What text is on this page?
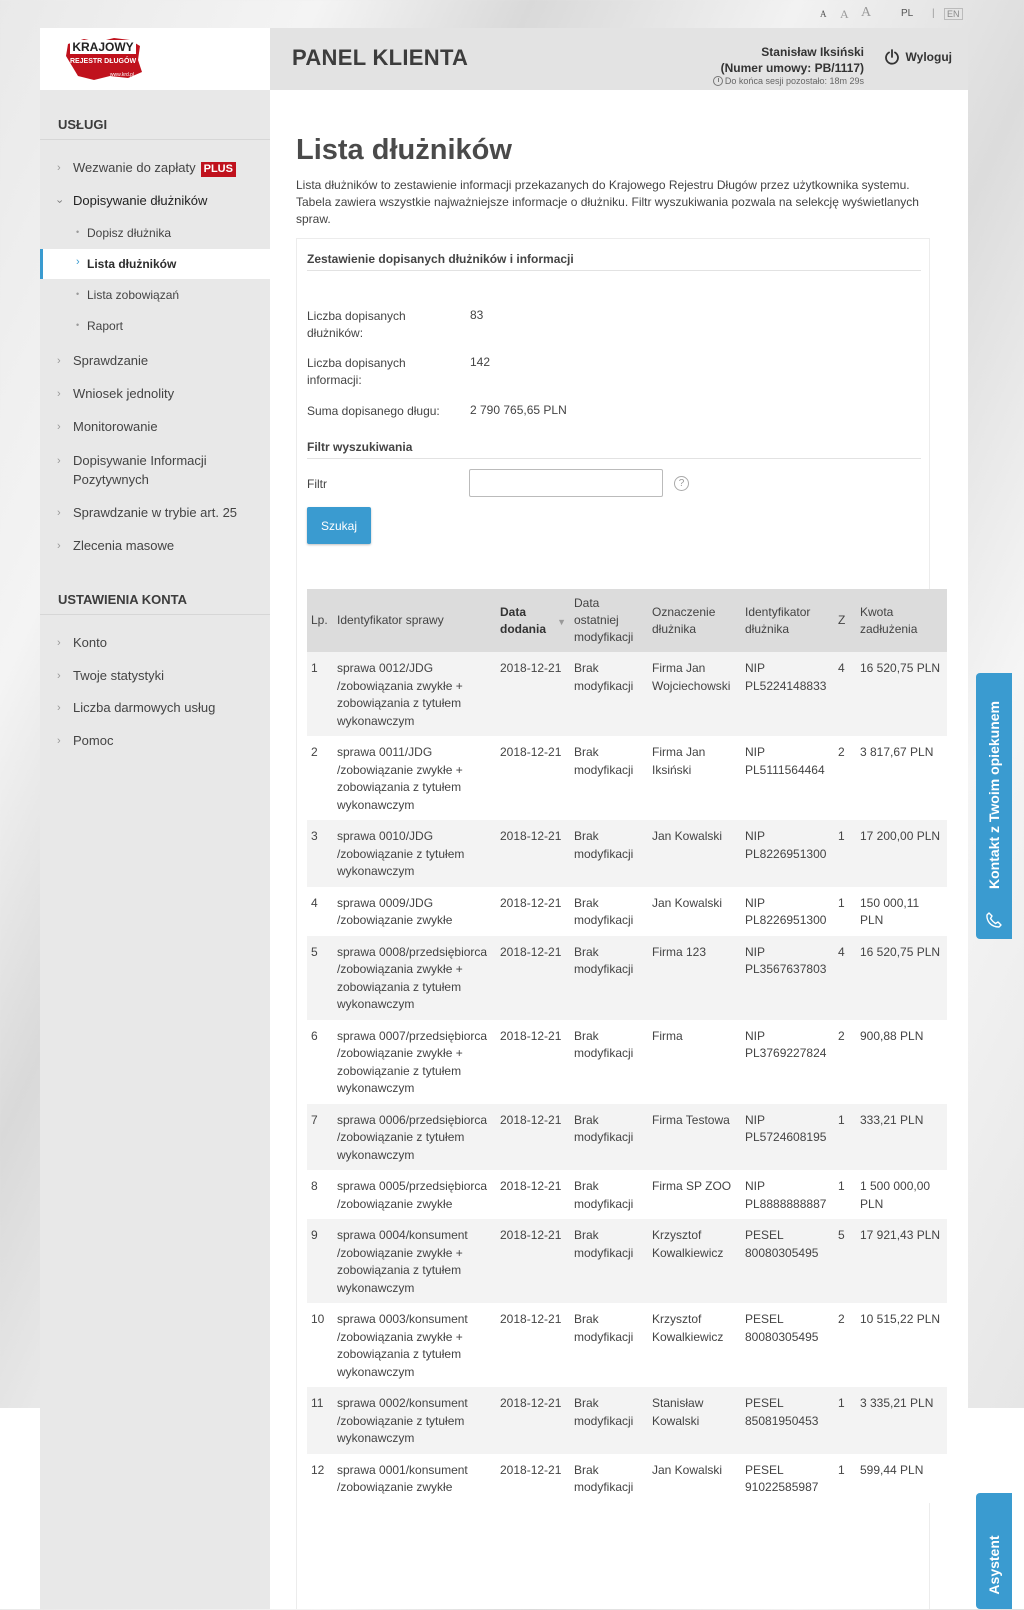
A A A	PL |	EN
KRAJOWY
REJESTR DŁUGÓW
www.krd.pl
PANEL KLIENTA	Stanisław Iksiński
(Numer umowy: PB/1117)
Do końca sesji pozostało: 18m 29s
Wyloguj
USŁUGI
› Wezwanie do zapłaty PLUS
› Dopisywanie dłużników
• Dopisz dłużnika
› Lista dłużników
• Lista zobowiązań
• Raport
› Sprawdzanie
› Wniosek jednolity
› Monitorowanie
› Dopisywanie Informacji Pozytywnych
› Sprawdzanie w trybie art. 25
› Zlecenia masowe
USTAWIENIA KONTA
› Konto
› Twoje statystyki
› Liczba darmowych usług
› Pomoc
Lista dłużników
Lista dłużników to zestawienie informacji przekazanych do Krajowego Rejestru Długów przez użytkownika systemu. Tabela zawiera wszystkie najważniejsze informacje o dłużniku. Filtr wyszukiwania pozwala na selekcję wyświetlanych spraw.
Zestawienie dopisanych dłużników i informacji
Liczba dopisanych dłużników:
83
Liczba dopisanych informacji:
142
Suma dopisanego długu:	2 790 765,65 PLN
Filtr wyszukiwania
Filtr	?
Szukaj
Lp.	Identyfikator sprawy	Data dodania ▼	Data ostatniej modyfikacji	Oznaczenie dłużnika	Identyfikator dłużnika	Z	Kwota zadłużenia
1	sprawa 0012/JDG /zobowiązania zwykłe + zobowiązania z tytułem wykonawczym	2018-12-21	Brak modyfikacji	Firma Jan Wojciechowski	NIP PL5224148833	4	16 520,75 PLN
2	sprawa 0011/JDG /zobowiązanie zwykłe + zobowiązania z tytułem wykonawczym	2018-12-21	Brak modyfikacji	Firma Jan Iksiński	NIP PL5111564464	2	3 817,67 PLN
3	sprawa 0010/JDG /zobowiązanie z tytułem wykonawczym	2018-12-21	Brak modyfikacji	Jan Kowalski	NIP PL8226951300	1	17 200,00 PLN
4	sprawa 0009/JDG /zobowiązanie zwykłe	2018-12-21	Brak modyfikacji	Jan Kowalski	NIP PL8226951300	1	150 000,11 PLN
5	sprawa 0008/przedsiębiorca /zobowiązania zwykłe + zobowiązania z tytułem wykonawczym	2018-12-21	Brak modyfikacji	Firma 123	NIP PL3567637803	4	16 520,75 PLN
6	sprawa 0007/przedsiębiorca /zobowiązanie zwykłe + zobowiązanie z tytułem wykonawczym	2018-12-21	Brak modyfikacji	Firma	NIP PL3769227824	2	900,88 PLN
7	sprawa 0006/przedsiębiorca /zobowiązanie z tytułem wykonawczym	2018-12-21	Brak modyfikacji	Firma Testowa	NIP PL5724608195	1	333,21 PLN
8	sprawa 0005/przedsiębiorca /zobowiązanie zwykłe	2018-12-21	Brak modyfikacji	Firma SP ZOO	NIP PL8888888887	1	1 500 000,00 PLN
9	sprawa 0004/konsument /zobowiązanie zwykłe + zobowiązania z tytułem wykonawczym	2018-12-21	Brak modyfikacji	Krzysztof Kowalkiewicz	PESEL 80080305495	5	17 921,43 PLN
10	sprawa 0003/konsument /zobowiązania zwykłe + zobowiązania z tytułem wykonawczym	2018-12-21	Brak modyfikacji	Krzysztof Kowalkiewicz	PESEL 80080305495	2	10 515,22 PLN
11	sprawa 0002/konsument /zobowiązanie z tytułem wykonawczym	2018-12-21	Brak modyfikacji	Stanisław Kowalski	PESEL 85081950453	1	3 335,21 PLN
12	sprawa 0001/konsument /zobowiązanie zwykłe	2018-12-21	Brak modyfikacji	Jan Kowalski	PESEL 91022585987	1	599,44 PLN
Kontakt z Twoim opiekunem
Asystent
